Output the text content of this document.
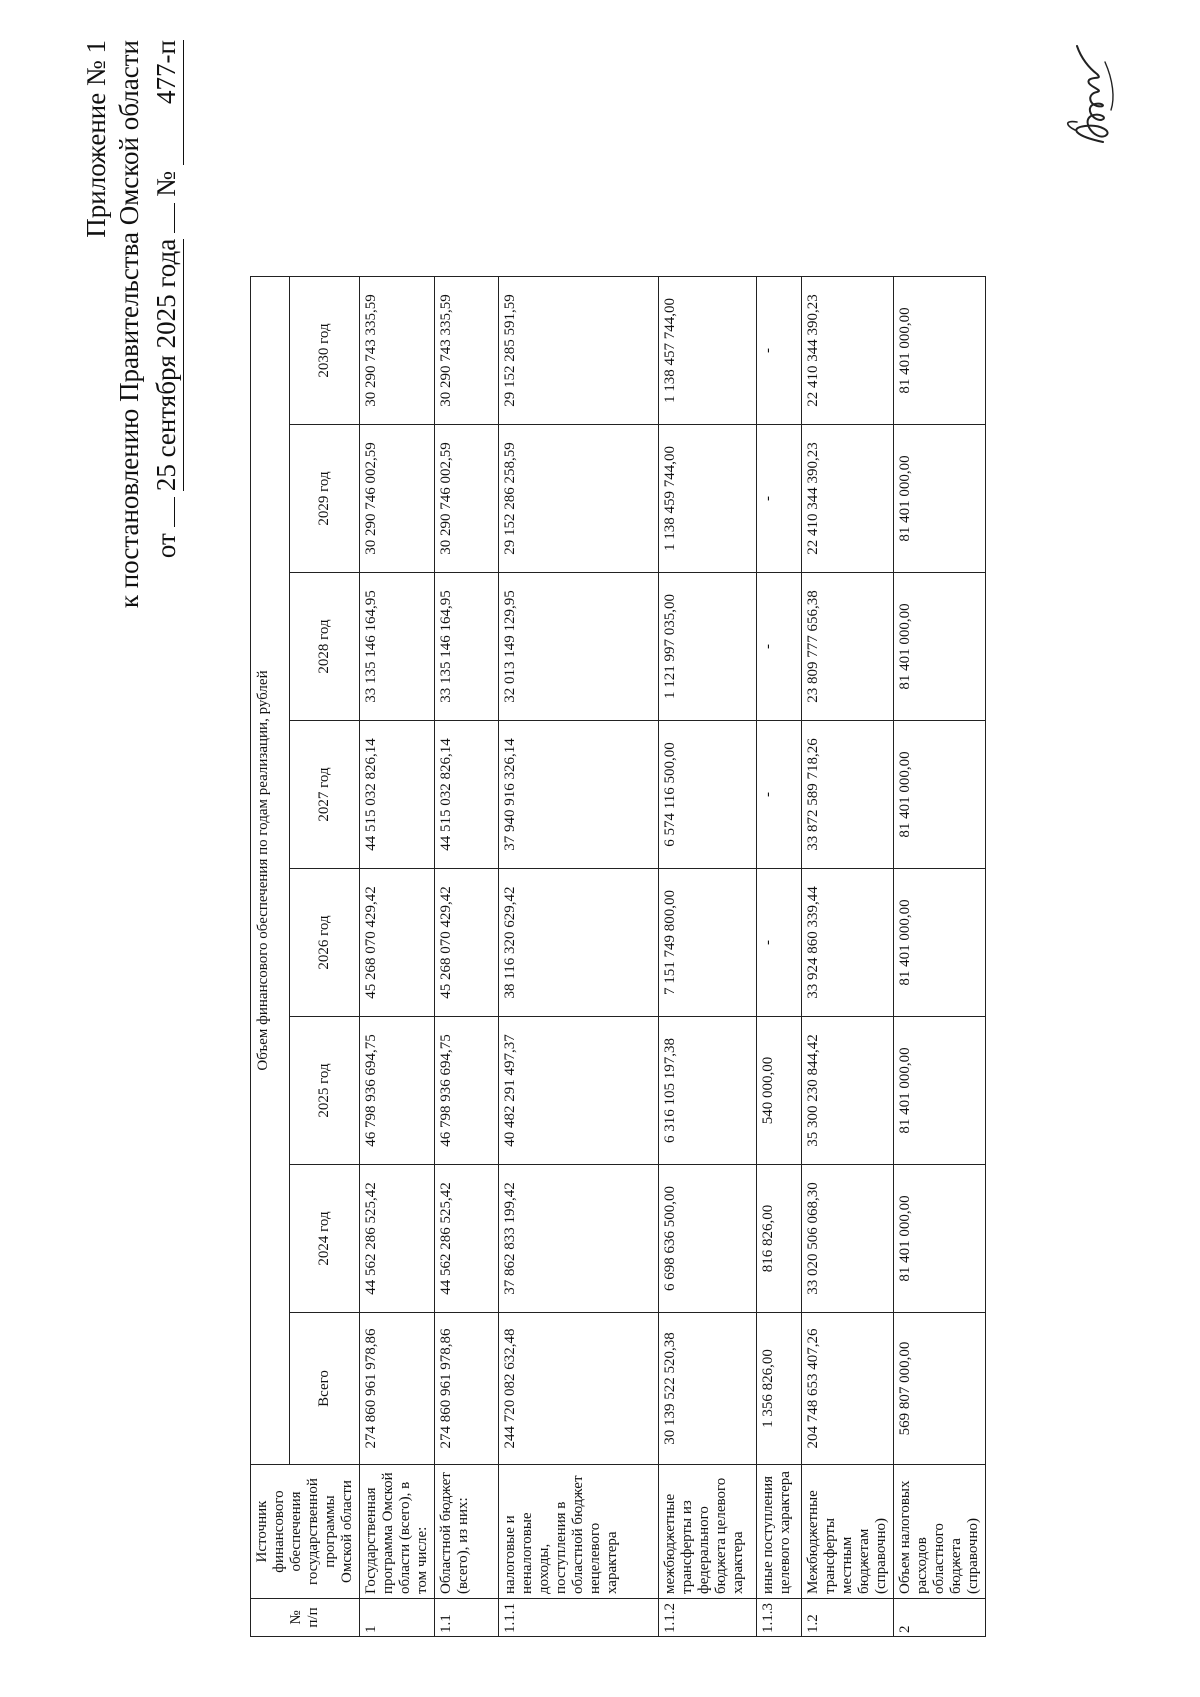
Приложение № 1 к постановлению Правительства Омской области от
25 сентября 2025 года
№
477-п
№ п/п	Источник финансового обеспечения государственной программы Омской области	Объем финансового обеспечения по годам реализации, рублей							
		Всего	2024 год	2025 год	2026 год	2027 год	2028 год	2029 год	2030 год
1	Государственная программа Омской области (всего), в том числе:	274 860 961 978,86	44 562 286 525,42	46 798 936 694,75	45 268 070 429,42	44 515 032 826,14	33 135 146 164,95	30 290 746 002,59	30 290 743 335,59
1.1	Областной бюджет (всего), из них:	274 860 961 978,86	44 562 286 525,42	46 798 936 694,75	45 268 070 429,42	44 515 032 826,14	33 135 146 164,95	30 290 746 002,59	30 290 743 335,59
1.1.1	налоговые и неналоговые доходы, поступления в областной бюджет нецелевого характера	244 720 082 632,48	37 862 833 199,42	40 482 291 497,37	38 116 320 629,42	37 940 916 326,14	32 013 149 129,95	29 152 286 258,59	29 152 285 591,59
1.1.2	межбюджетные трансферты из федерального бюджета целевого характера	30 139 522 520,38	6 698 636 500,00	6 316 105 197,38	7 151 749 800,00	6 574 116 500,00	1 121 997 035,00	1 138 459 744,00	1 138 457 744,00
1.1.3	иные поступления целевого характера	1 356 826,00	816 826,00	540 000,00	-	-	-	-	-
1.2	Межбюджетные трансферты местным бюджетам (справочно)	204 748 653 407,26	33 020 506 068,30	35 300 230 844,42	33 924 860 339,44	33 872 589 718,26	23 809 777 656,38	22 410 344 390,23	22 410 344 390,23
2	Объем налоговых расходов областного бюджета (справочно)	569 807 000,00	81 401 000,00	81 401 000,00	81 401 000,00	81 401 000,00	81 401 000,00	81 401 000,00	81 401 000,00
